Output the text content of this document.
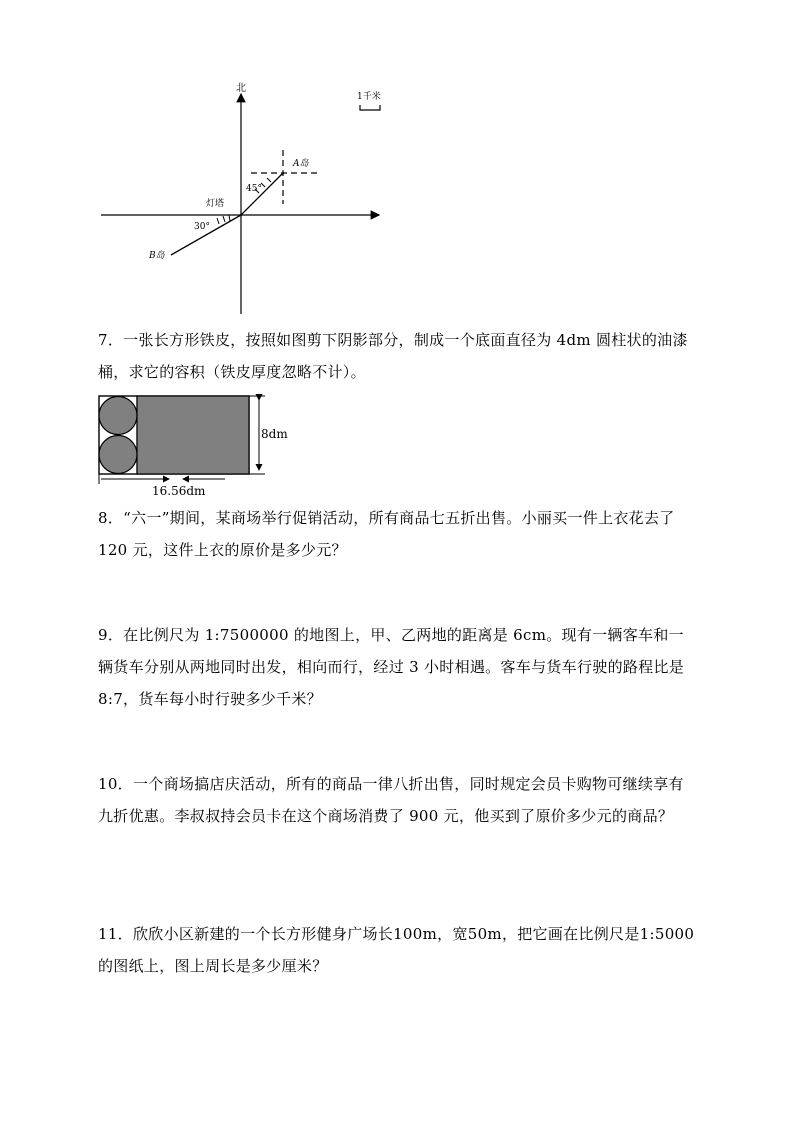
北
1千米
A岛
45°
30°
B岛
灯塔
7．一张长方形铁皮，按照如图剪下阴影部分，制成一个底面直径为 4dm 圆柱状的油漆桶，求它的容积（铁皮厚度忽略不计）。
8dm
16.56dm
8．“六一”期间，某商场举行促销活动，所有商品七五折出售。小丽买一件上衣花去了 120 元，这件上衣的原价是多少元？
9．在比例尺为 1:7500000 的地图上，甲、乙两地的距离是 6cm。现有一辆客车和一辆货车分别从两地同时出发，相向而行，经过 3 小时相遇。客车与货车行驶的路程比是 8:7，货车每小时行驶多少千米？
10．一个商场搞店庆活动，所有的商品一律八折出售，同时规定会员卡购物可继续享有九折优惠。李叔叔持会员卡在这个商场消费了 900 元，他买到了原价多少元的商品？
11．欣欣小区新建的一个长方形健身广场长100m，宽50m，把它画在比例尺是1:5000 的图纸上，图上周长是多少厘米？
